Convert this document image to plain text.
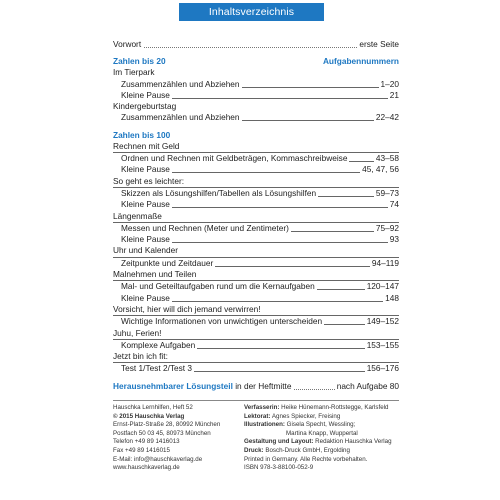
Inhaltsverzeichnis
Vorwort	erste Seite
Zahlen bis 20	Aufgabennummern
Im Tierpark
Zusammenzählen und Abziehen	1–20
Kleine Pause	21
Kindergeburtstag
Zusammenzählen und Abziehen	22–42
Zahlen bis 100
Rechnen mit Geld
Ordnen und Rechnen mit Geldbeträgen, Kommaschreibweise	43–58
Kleine Pause	45, 47, 56
So geht es leichter:
Skizzen als Lösungshilfen/Tabellen als Lösungshilfen	59–73
Kleine Pause	74
Längenmaße
Messen und Rechnen (Meter und Zentimeter)	75–92
Kleine Pause	93
Uhr und Kalender
Zeitpunkte und Zeitdauer	94–119
Malnehmen und Teilen
Mal- und Geteiltaufgaben rund um die Kernaufgaben	120–147
Kleine Pause	148
Vorsicht, hier will dich jemand verwirren!
Wichtige Informationen von unwichtigen unterscheiden	149–152
Juhu, Ferien!
Komplexe Aufgaben	153–155
Jetzt bin ich fit:
Test 1/Test 2/Test 3	156–176
Herausnehmbarer Lösungsteil in der Heftmitte	nach Aufgabe 80
Hauschka Lernhilfen, Heft 52
© 2015 Hauschka Verlag
Ernst-Platz-Straße 28, 80992 München
Postfach 50 03 45, 80973 München
Telefon +49 89 1416013
Fax +49 89 1416015
E-Mail: info@hauschkaverlag.de
www.hauschkaverlag.de
Verfasserin: Heike Hünemann-Rottstegge, Karlsfeld
Lektorat: Agnes Spiecker, Freising
Illustrationen: Gisela Specht, Wessling;
Martina Knapp, Wuppertal
Gestaltung und Layout: Redaktion Hauschka Verlag
Druck: Bosch-Druck GmbH, Ergolding
Printed in Germany. Alle Rechte vorbehalten.
ISBN 978-3-88100-052-9
